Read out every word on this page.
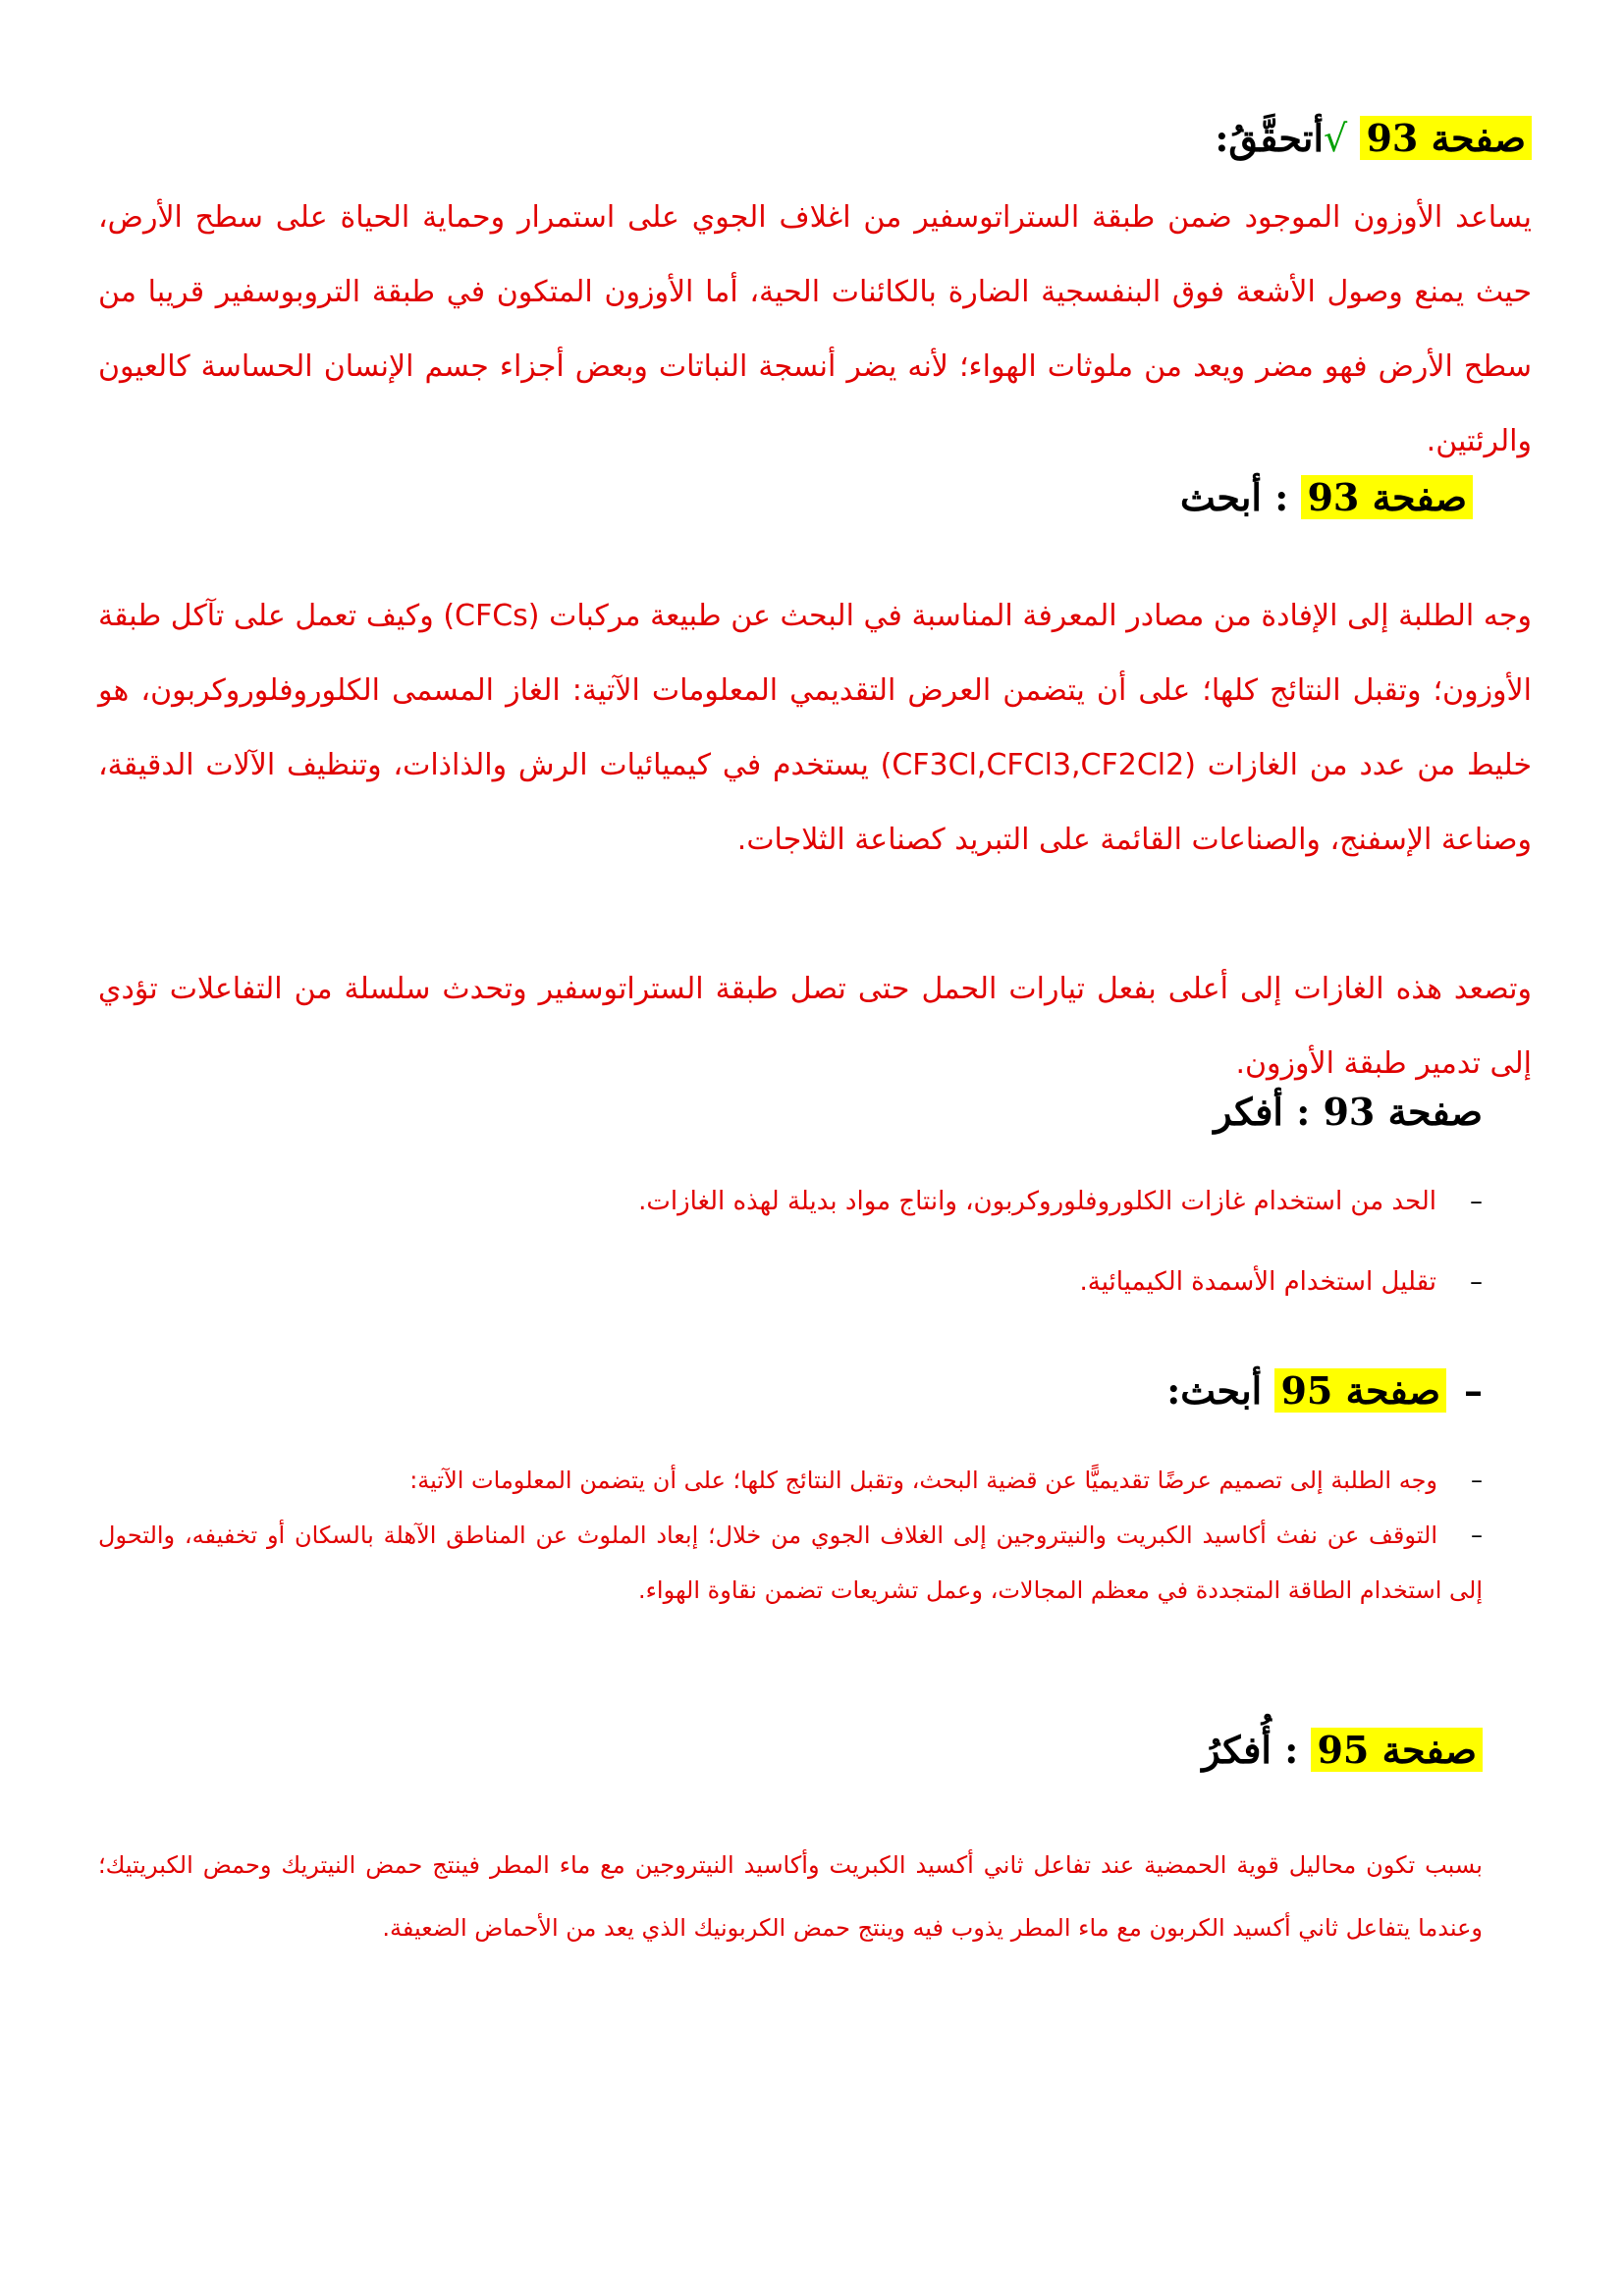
صفحة 93 √أتحقَّقُ:
يساعد الأوزون الموجود ضمن طبقة الستراتوسفير من اغلاف الجوي على استمرار وحماية الحياة على سطح الأرض، حيث يمنع وصول الأشعة فوق البنفسجية الضارة بالكائنات الحية، أما الأوزون المتكون في طبقة التروبوسفير قريبا من سطح الأرض فهو مضر ويعد من ملوثات الهواء؛ لأنه يضر أنسجة النباتات وبعض أجزاء جسم الإنسان الحساسة كالعيون والرئتين.
صفحة 93 : أبحث
وجه الطلبة إلى الإفادة من مصادر المعرفة المناسبة في البحث عن طبيعة مركبات (CFCs) وكيف تعمل على تآكل طبقة الأوزون؛ وتقبل النتائج كلها؛ على أن يتضمن العرض التقديمي المعلومات الآتية: الغاز المسمى الكلوروفلوروكربون، هو خليط من عدد من الغازات (CF3Cl,CFCl3,CF2Cl2) يستخدم في كيميائيات الرش والذاذات، وتنظيف الآلات الدقيقة، وصناعة الإسفنج، والصناعات القائمة على التبريد كصناعة الثلاجات.
وتصعد هذه الغازات إلى أعلى بفعل تيارات الحمل حتى تصل طبقة الستراتوسفير وتحدث سلسلة من التفاعلات تؤدي إلى تدمير طبقة الأوزون.
صفحة 93 : أفكر
–الحد من استخدام غازات الكلوروفلوروكربون، وانتاج مواد بديلة لهذه الغازات.
–تقليل استخدام الأسمدة الكيميائية.
–صفحة 95 أبحث:
–وجه الطلبة إلى تصميم عرضًا تقديميًّا عن قضية البحث، وتقبل النتائج كلها؛ على أن يتضمن المعلومات الآتية:
–التوقف عن نفث أكاسيد الكبريت والنيتروجين إلى الغلاف الجوي من خلال؛ إبعاد الملوث عن المناطق الآهلة بالسكان أو تخفيفه، والتحول إلى استخدام الطاقة المتجددة في معظم المجالات، وعمل تشريعات تضمن نقاوة الهواء.
صفحة 95 : أُفكرُ
بسبب تكون محاليل قوية الحمضية عند تفاعل ثاني أكسيد الكبريت وأكاسيد النيتروجين مع ماء المطر فينتج حمض النيتريك وحمض الكبريتيك؛ وعندما يتفاعل ثاني أكسيد الكربون مع ماء المطر يذوب فيه وينتج حمض الكربونيك الذي يعد من الأحماض الضعيفة.
